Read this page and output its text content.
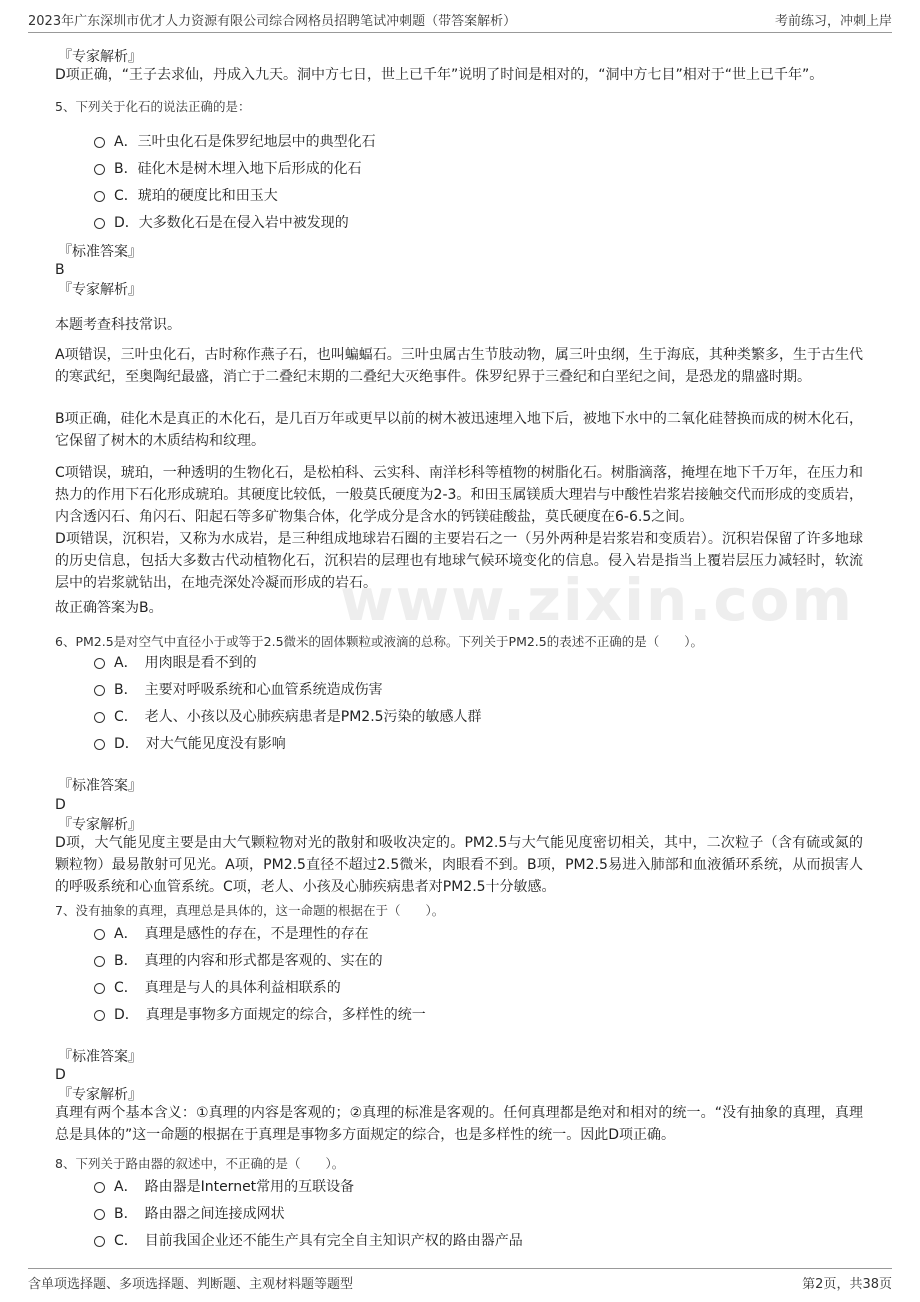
2023年广东深圳市优才人力资源有限公司综合网格员招聘笔试冲刺题（带答案解析）	考前练习，冲刺上岸
www.zixin.com
『专家解析』
D项正确，“王子去求仙，丹成入九天。洞中方七日，世上已千年”说明了时间是相对的，“洞中方七目”相对于“世上已千年”。
5、下列关于化石的说法正确的是：
A．三叶虫化石是侏罗纪地层中的典型化石
B．硅化木是树木埋入地下后形成的化石
C．琥珀的硬度比和田玉大
D．大多数化石是在侵入岩中被发现的
『标准答案』
B
『专家解析』
本题考查科技常识。
A项错误，三叶虫化石，古时称作燕子石，也叫蝙蝠石。三叶虫属古生节肢动物，属三叶虫纲，生于海底，其种类繁多，生于古生代的寒武纪，至奥陶纪最盛，消亡于二叠纪末期的二叠纪大灭绝事件。侏罗纪界于三叠纪和白垩纪之间，是恐龙的鼎盛时期。
B项正确，硅化木是真正的木化石，是几百万年或更早以前的树木被迅速埋入地下后，被地下水中的二氧化硅替换而成的树木化石，它保留了树木的木质结构和纹理。
C项错误，琥珀，一种透明的生物化石，是松柏科、云实科、南洋杉科等植物的树脂化石。树脂滴落，掩埋在地下千万年，在压力和热力的作用下石化形成琥珀。其硬度比较低，一般莫氏硬度为2-3。和田玉属镁质大理岩与中酸性岩浆岩接触交代而形成的变质岩，内含透闪石、角闪石、阳起石等多矿物集合体，化学成分是含水的钙镁硅酸盐，莫氏硬度在6-6.5之间。
D项错误，沉积岩，又称为水成岩，是三种组成地球岩石圈的主要岩石之一（另外两种是岩浆岩和变质岩）。沉积岩保留了许多地球的历史信息，包括大多数古代动植物化石，沉积岩的层理也有地球气候环境变化的信息。侵入岩是指当上覆岩层压力减轻时，软流层中的岩浆就钻出，在地壳深处冷凝而形成的岩石。
故正确答案为B。
6、PM2.5是对空气中直径小于或等于2.5微米的固体颗粒或液滴的总称。下列关于PM2.5的表述不正确的是（　　）。
A．　用肉眼是看不到的
B．　主要对呼吸系统和心血管系统造成伤害
C．　老人、小孩以及心肺疾病患者是PM2.5污染的敏感人群
D．　对大气能见度没有影响
『标准答案』
D
『专家解析』
D项，大气能见度主要是由大气颗粒物对光的散射和吸收决定的。PM2.5与大气能见度密切相关，其中，二次粒子（含有硫或氮的颗粒物）最易散射可见光。A项，PM2.5直径不超过2.5微米，肉眼看不到。B项，PM2.5易进入肺部和血液循环系统，从而损害人的呼吸系统和心血管系统。C项，老人、小孩及心肺疾病患者对PM2.5十分敏感。
7、没有抽象的真理，真理总是具体的，这一命题的根据在于（　　）。
A．　真理是感性的存在，不是理性的存在
B．　真理的内容和形式都是客观的、实在的
C．　真理是与人的具体利益相联系的
D．　真理是事物多方面规定的综合，多样性的统一
『标准答案』
D
『专家解析』
真理有两个基本含义：①真理的内容是客观的；②真理的标准是客观的。任何真理都是绝对和相对的统一。“没有抽象的真理，真理总是具体的”这一命题的根据在于真理是事物多方面规定的综合，也是多样性的统一。因此D项正确。
8、下列关于路由器的叙述中，不正确的是（　　）。
A．　路由器是Internet常用的互联设备
B．　路由器之间连接成网状
C．　目前我国企业还不能生产具有完全自主知识产权的路由器产品
含单项选择题、多项选择题、判断题、主观材料题等题型	第2页，共38页
